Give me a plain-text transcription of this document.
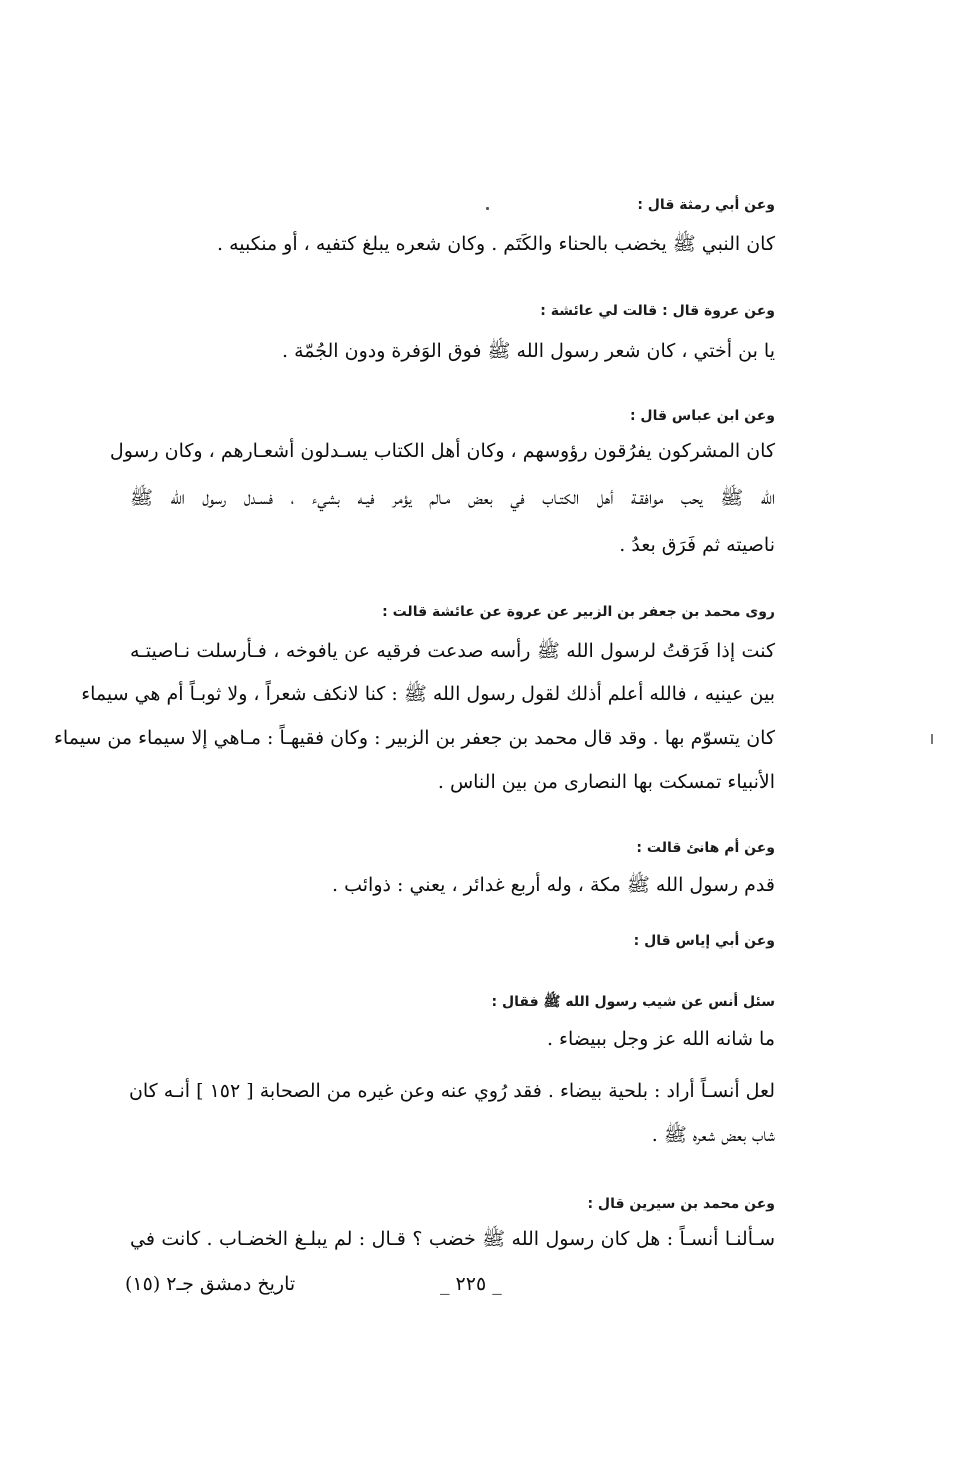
وعن أبي رمثة قال :
كان النبي ﷺ يخضب بالحناء والكَتَم . وكان شعره يبلغ كتفيه ، أو منكبيه .
وعن عروة قال : قالت لي عائشة :
يا بن أختي ، كان شعر رسول الله ﷺ فوق الوَفرة ودون الجُمّة .
وعن ابن عباس قال :
كان المشركون يفرُقون رؤوسهم ، وكان أهل الكتاب يسـدلون أشعـارهم ، وكان رسول
الله ﷺ يحب موافقـة أهل الكتـاب في بعض مـالم يؤمر فيـه بشيء ، فسـدل رسول الله ﷺ
ناصيته ثم فَرَق بعدُ .
روى محمد بن جعفر بن الزبير عن عروة عن عائشة قالت :
كنت إذا فَرَقتُ لرسول الله ﷺ رأسه صدعت فرقيه عن يافوخه ، فـأرسلت نـاصيتـه
بين عينيه ، فالله أعلم أذلك لقول رسول الله ﷺ : كنا لانكف شعراً ، ولا ثوبـاً أم هي سيماء
كان يتسوّم بها . وقد قال محمد بن جعفر بن الزبير : وكان فقيهـاً : مـاهي إلا سيماء من سيماء
الأنبياء تمسكت بها النصارى من بين الناس .
وعن أم هانئ قالت :
قدم رسول الله ﷺ مكة ، وله أربع غدائر ، يعني : ذوائب .
وعن أبي إياس قال :
سئل أنس عن شيب رسول الله ﷺ فقال :
ما شانه الله عز وجل ببيضاء .
لعل أنسـاً أراد : بلحية بيضاء . فقد رُوي عنه وعن غيره من الصحابة [ ١٥٢ ] أنـه كان
شاب بعض شعره ﷺ .
وعن محمد بن سيرين قال :
سـألنـا أنسـاً : هل كان رسول الله ﷺ خضب ؟ قـال : لم يبلـغ الخضـاب . كانت في
تاريخ دمشق جـ٢ (١٥)	_ ٢٢٥ _
